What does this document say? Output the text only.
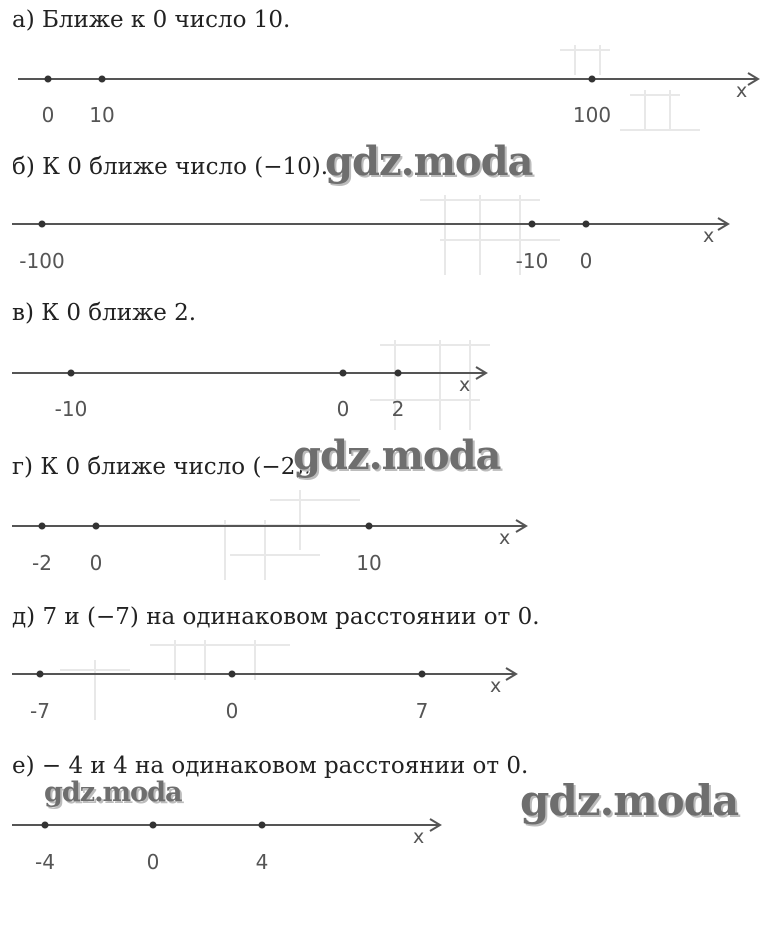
а) Ближе к 0 число 10.
0 10	100
x
б) К 0 ближе число (−10).
-100	-10 0
x
в) К 0 ближе 2.
-10	0 2
x
г) К 0 ближе число (−2).
-2 0	10
x
д) 7 и (−7) на одинаковом расстоянии от 0.
-7	0	7
x
е) − 4 и 4 на одинаковом расстоянии от 0.
-4	0	4
x
gdz.moda
gdz.moda
gdz.moda	gdz.moda
